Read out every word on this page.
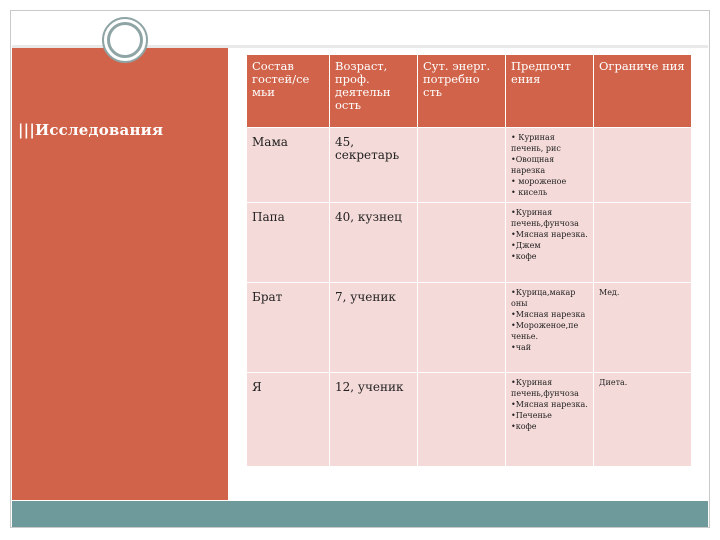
|||Исследования
Состав гостей/се мьи	Возраст, проф. деятельн ость	Сут. энерг. потребно сть	Предпочт ения	Ограниче ния
Мама	45, секретарь		• Куриная печень, рис
•Овощная нарезка
• мороженое
• кисель	

Папа	40, кузнец		•Куриная печень,фунчоза
•Мясная нарезка.
•Джем
•кофе	

Брат	7, ученик		•Курица,макар оны
•Мясная нарезка
•Мороженое,пе ченье.
•чай	Мед.
Я	12, ученик		•Куриная печень,фунчоза
•Мясная нарезка.
•Печенье
•кофе	Диета.
